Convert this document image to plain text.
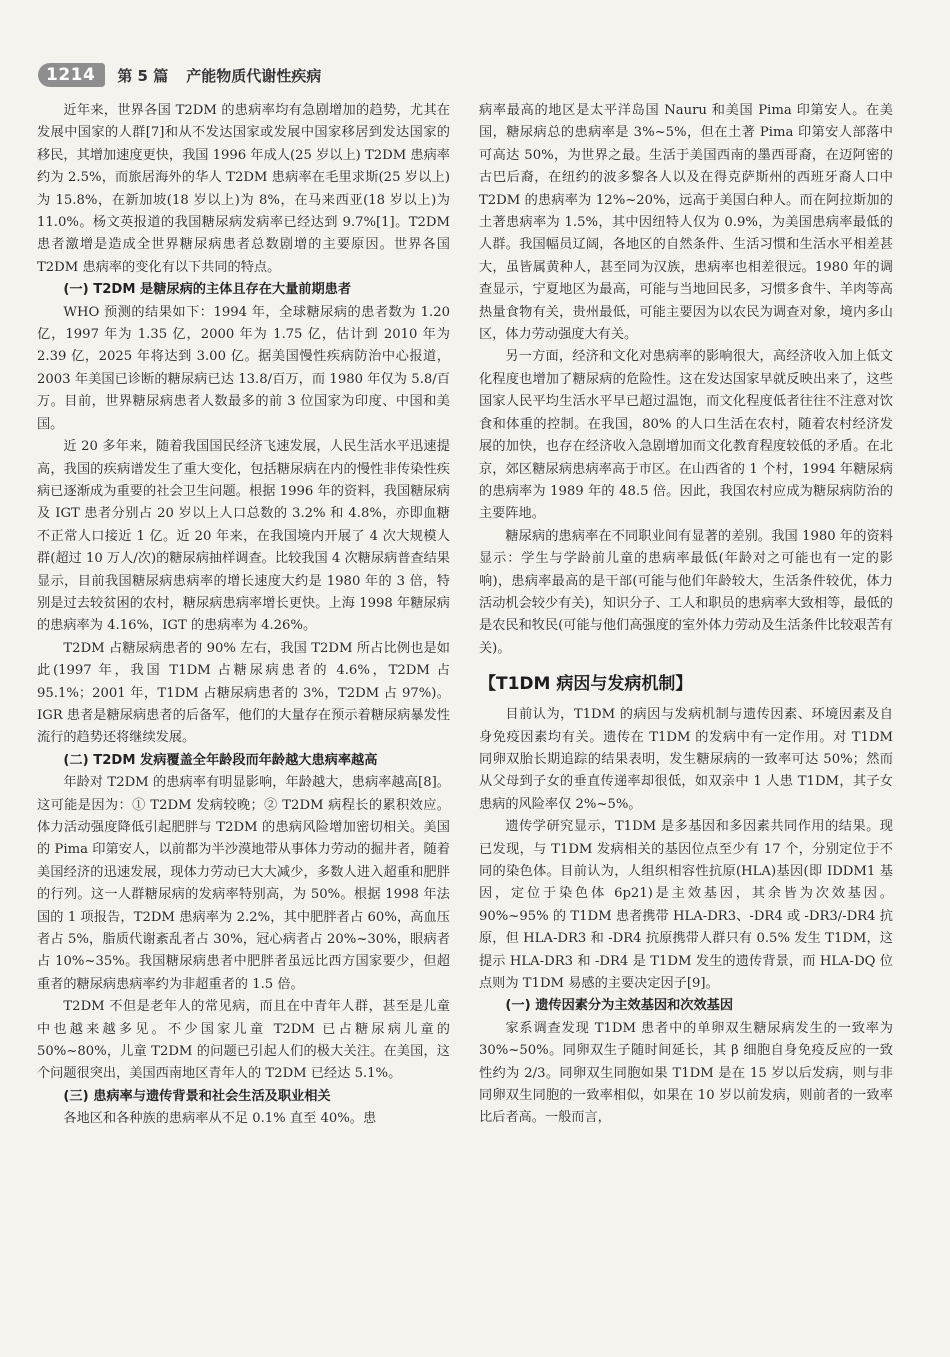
1214	第 5 篇 产能物质代谢性疾病

近年来，世界各国 T2DM 的患病率均有急剧增加的趋势，尤其在发展中国家的人群[7]和从不发达国家或发展中国家移居到发达国家的移民，其增加速度更快，我国 1996 年成人(25 岁以上) T2DM 患病率约为 2.5%，而旅居海外的华人 T2DM 患病率在毛里求斯(25 岁以上)为 15.8%，在新加坡(18 岁以上)为 8%，在马来西亚(18 岁以上)为 11.0%。杨文英报道的我国糖尿病发病率已经达到 9.7%[1]。T2DM 患者激增是造成全世界糖尿病患者总数剧增的主要原因。世界各国 T2DM 患病率的变化有以下共同的特点。

(一) T2DM 是糖尿病的主体且存在大量前期患者

WHO 预测的结果如下：1994 年，全球糖尿病的患者数为 1.20 亿，1997 年为 1.35 亿，2000 年为 1.75 亿，估计到 2010 年为 2.39 亿，2025 年将达到 3.00 亿。据美国慢性疾病防治中心报道，2003 年美国已诊断的糖尿病已达 13.8/百万，而 1980 年仅为 5.8/百万。目前，世界糖尿病患者人数最多的前 3 位国家为印度、中国和美国。

近 20 多年来，随着我国国民经济飞速发展，人民生活水平迅速提高，我国的疾病谱发生了重大变化，包括糖尿病在内的慢性非传染性疾病已逐渐成为重要的社会卫生问题。根据 1996 年的资料，我国糖尿病及 IGT 患者分别占 20 岁以上人口总数的 3.2% 和 4.8%，亦即血糖不正常人口接近 1 亿。近 20 年来，在我国境内开展了 4 次大规模人群(超过 10 万人/次)的糖尿病抽样调查。比较我国 4 次糖尿病普查结果显示，目前我国糖尿病患病率的增长速度大约是 1980 年的 3 倍，特别是过去较贫困的农村，糖尿病患病率增长更快。上海 1998 年糖尿病的患病率为 4.16%，IGT 的患病率为 4.26%。

T2DM 占糖尿病患者的 90% 左右，我国 T2DM 所占比例也是如此(1997 年，我国 T1DM 占糖尿病患者的 4.6%，T2DM 占 95.1%；2001 年，T1DM 占糖尿病患者的 3%，T2DM 占 97%)。IGR 患者是糖尿病患者的后备军，他们的大量存在预示着糖尿病暴发性流行的趋势还将继续发展。

(二) T2DM 发病覆盖全年龄段而年龄越大患病率越高

年龄对 T2DM 的患病率有明显影响，年龄越大，患病率越高[8]。这可能是因为：① T2DM 发病较晚；② T2DM 病程长的累积效应。体力活动强度降低引起肥胖与 T2DM 的患病风险增加密切相关。美国的 Pima 印第安人，以前都为半沙漠地带从事体力劳动的掘井者，随着美国经济的迅速发展，现体力劳动已大大减少，多数人进入超重和肥胖的行列。这一人群糖尿病的发病率特别高，为 50%。根据 1998 年法国的 1 项报告，T2DM 患病率为 2.2%，其中肥胖者占 60%，高血压者占 5%，脂质代谢紊乱者占 30%，冠心病者占 20%~30%，眼病者占 10%~35%。我国糖尿病患者中肥胖者虽远比西方国家要少，但超重者的糖尿病患病率约为非超重者的 1.5 倍。

T2DM 不但是老年人的常见病，而且在中青年人群，甚至是儿童中也越来越多见。不少国家儿童 T2DM 已占糖尿病儿童的 50%~80%，儿童 T2DM 的问题已引起人们的极大关注。在美国，这个问题很突出，美国西南地区青年人的 T2DM 已经达 5.1%。

(三) 患病率与遗传背景和社会生活及职业相关

各地区和各种族的患病率从不足 0.1% 直至 40%。患

病率最高的地区是太平洋岛国 Nauru 和美国 Pima 印第安人。在美国，糖尿病总的患病率是 3%~5%，但在土著 Pima 印第安人部落中可高达 50%，为世界之最。生活于美国西南的墨西哥裔，在迈阿密的古巴后裔，在纽约的波多黎各人以及在得克萨斯州的西班牙裔人口中 T2DM 的患病率为 12%~20%，远高于美国白种人。而在阿拉斯加的土著患病率为 1.5%，其中因纽特人仅为 0.9%，为美国患病率最低的人群。我国幅员辽阔，各地区的自然条件、生活习惯和生活水平相差甚大，虽皆属黄种人，甚至同为汉族，患病率也相差很远。1980 年的调查显示，宁夏地区为最高，可能与当地回民多，习惯多食牛、羊肉等高热量食物有关，贵州最低，可能主要因为以农民为调查对象，境内多山区，体力劳动强度大有关。

另一方面，经济和文化对患病率的影响很大，高经济收入加上低文化程度也增加了糖尿病的危险性。这在发达国家早就反映出来了，这些国家人民平均生活水平早已超过温饱，而文化程度低者往往不注意对饮食和体重的控制。在我国，80% 的人口生活在农村，随着农村经济发展的加快，也存在经济收入急剧增加而文化教育程度较低的矛盾。在北京，郊区糖尿病患病率高于市区。在山西省的 1 个村，1994 年糖尿病的患病率为 1989 年的 48.5 倍。因此，我国农村应成为糖尿病防治的主要阵地。

糖尿病的患病率在不同职业间有显著的差别。我国 1980 年的资料显示：学生与学龄前儿童的患病率最低(年龄对之可能也有一定的影响)，患病率最高的是干部(可能与他们年龄较大，生活条件较优，体力活动机会较少有关)，知识分子、工人和职员的患病率大致相等，最低的是农民和牧民(可能与他们高强度的室外体力劳动及生活条件比较艰苦有关)。

【T1DM 病因与发病机制】

目前认为，T1DM 的病因与发病机制与遗传因素、环境因素及自身免疫因素均有关。遗传在 T1DM 的发病中有一定作用。对 T1DM 同卵双胎长期追踪的结果表明，发生糖尿病的一致率可达 50%；然而从父母到子女的垂直传递率却很低，如双亲中 1 人患 T1DM，其子女患病的风险率仅 2%~5%。

遗传学研究显示，T1DM 是多基因和多因素共同作用的结果。现已发现，与 T1DM 发病相关的基因位点至少有 17 个，分别定位于不同的染色体。目前认为，人组织相容性抗原(HLA)基因(即 IDDM1 基因，定位于染色体 6p21)是主效基因，其余皆为次效基因。90%~95% 的 T1DM 患者携带 HLA-DR3、-DR4 或 -DR3/-DR4 抗原，但 HLA-DR3 和 -DR4 抗原携带人群只有 0.5% 发生 T1DM，这提示 HLA-DR3 和 -DR4 是 T1DM 发生的遗传背景，而 HLA-DQ 位点则为 T1DM 易感的主要决定因子[9]。

(一) 遗传因素分为主效基因和次效基因

家系调查发现 T1DM 患者中的单卵双生糖尿病发生的一致率为 30%~50%。同卵双生子随时间延长，其 β 细胞自身免疫反应的一致性约为 2/3。同卵双生同胞如果 T1DM 是在 15 岁以后发病，则与非同卵双生同胞的一致率相似，如果在 10 岁以前发病，则前者的一致率比后者高。一般而言，
